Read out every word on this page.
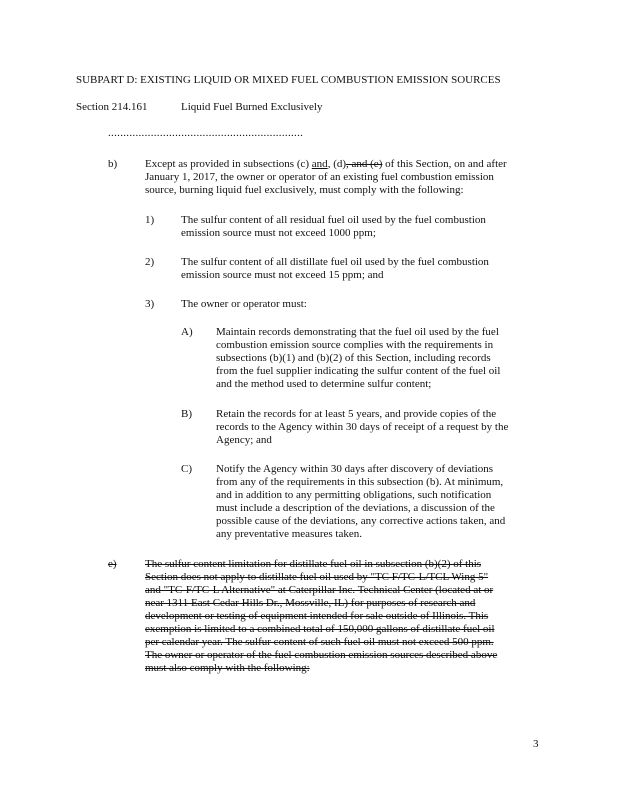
SUBPART D: EXISTING LIQUID OR MIXED FUEL COMBUSTION EMISSION SOURCES
Section 214.161	Liquid Fuel Burned Exclusively
................................................................
b)	Except as provided in subsections (c) and, (d), and (e) of this Section, on and after
January 1, 2017, the owner or operator of an existing fuel combustion emission
source, burning liquid fuel exclusively, must comply with the following:
1) The sulfur content of all residual fuel oil used by the fuel combustion
emission source must not exceed 1000 ppm;
2) The sulfur content of all distillate fuel oil used by the fuel combustion
emission source must not exceed 15 ppm; and
3) The owner or operator must:
A) Maintain records demonstrating that the fuel oil used by the fuel
combustion emission source complies with the requirements in
subsections (b)(1) and (b)(2) of this Section, including records
from the fuel supplier indicating the sulfur content of the fuel oil
and the method used to determine sulfur content;
B) Retain the records for at least 5 years, and provide copies of the
records to the Agency within 30 days of receipt of a request by the
Agency; and
C) Notify the Agency within 30 days after discovery of deviations
from any of the requirements in this subsection (b). At minimum,
and in addition to any permitting obligations, such notification
must include a description of the deviations, a discussion of the
possible cause of the deviations, any corrective actions taken, and
any preventative measures taken.
e)	The sulfur content limitation for distillate fuel oil in subsection (b)(2) of this
Section does not apply to distillate fuel oil used by "TC F/TC-L/TCL Wing 5"
and "TC-F/TC-L Alternative" at Caterpillar Inc. Technical Center (located at or
near 1311 East Cedar Hills Dr., Mossville, IL) for purposes of research and
development or testing of equipment intended for sale outside of Illinois. This
exemption is limited to a combined total of 150,000 gallons of distillate fuel oil
per calendar year. The sulfur content of such fuel oil must not exceed 500 ppm.
The owner or operator of the fuel combustion emission sources described above
must also comply with the following:
3
